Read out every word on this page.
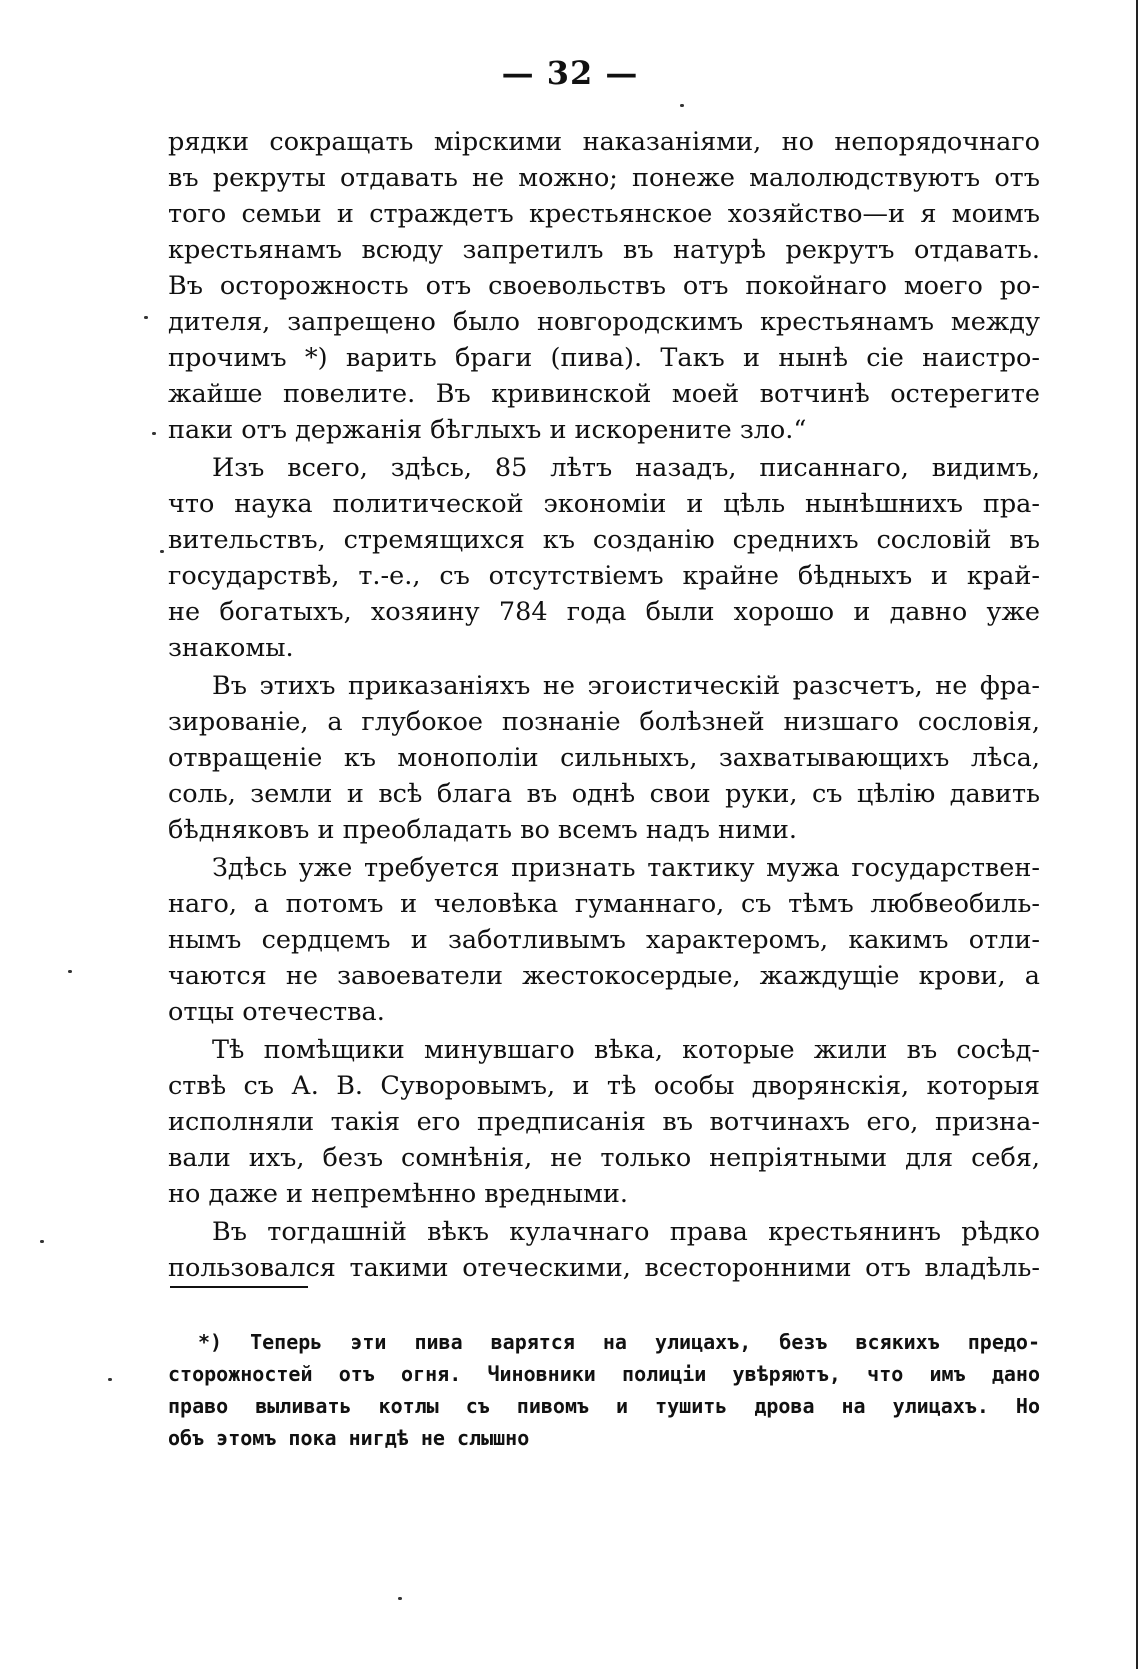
— 32 —
рядки сокращать мірскими наказаніями, но непорядочнаго
въ рекруты отдавать не можно; понеже малолюдствуютъ отъ
того семьи и страждетъ крестьянское хозяйство—и я моимъ
крестьянамъ всюду запретилъ въ натурѣ рекрутъ отдавать.
Въ осторожность отъ своевольствъ отъ покойнаго моего ро-
дителя, запрещено было новгородскимъ крестьянамъ между
прочимъ *) варить браги (пива). Такъ и нынѣ сіе наистро-
жайше повелите. Въ кривинской моей вотчинѣ остерегите
паки отъ держанія бѣглыхъ и искорените зло.“
Изъ всего, здѣсь, 85 лѣтъ назадъ, писаннаго, видимъ,
что наука политической экономіи и цѣль нынѣшнихъ пра-
вительствъ, стремящихся къ созданію среднихъ сословій въ
государствѣ, т.-е., съ отсутствіемъ крайне бѣдныхъ и край-
не богатыхъ, хозяину 784 года были хорошо и давно уже
знакомы.
Въ этихъ приказаніяхъ не эгоистическій разсчетъ, не фра-
зированіе, а глубокое познаніе болѣзней низшаго сословія,
отвращеніе къ монополіи сильныхъ, захватывающихъ лѣса,
соль, земли и всѣ блага въ однѣ свои руки, съ цѣлію давить
бѣдняковъ и преобладать во всемъ надъ ними.
Здѣсь уже требуется признать тактику мужа государствен-
наго, а потомъ и человѣка гуманнаго, съ тѣмъ любвеобиль-
нымъ сердцемъ и заботливымъ характеромъ, какимъ отли-
чаются не завоеватели жестокосердые, жаждущіе крови, а
отцы отечества.
Тѣ помѣщики минувшаго вѣка, которые жили въ сосѣд-
ствѣ съ А. В. Суворовымъ, и тѣ особы дворянскія, которыя
исполняли такія его предписанія въ вотчинахъ его, призна-
вали ихъ, безъ сомнѣнія, не только непріятными для себя,
но даже и непремѣнно вредными.
Въ тогдашній вѣкъ кулачнаго права крестьянинъ рѣдко
пользовался такими отеческими, всесторонними отъ владѣль-
*) Теперь эти пива варятся на улицахъ, безъ всякихъ предо-
сторожностей отъ огня. Чиновники полиціи увѣряютъ, что имъ дано
право выливать котлы съ пивомъ и тушить дрова на улицахъ. Но
объ этомъ пока нигдѣ не слышно
